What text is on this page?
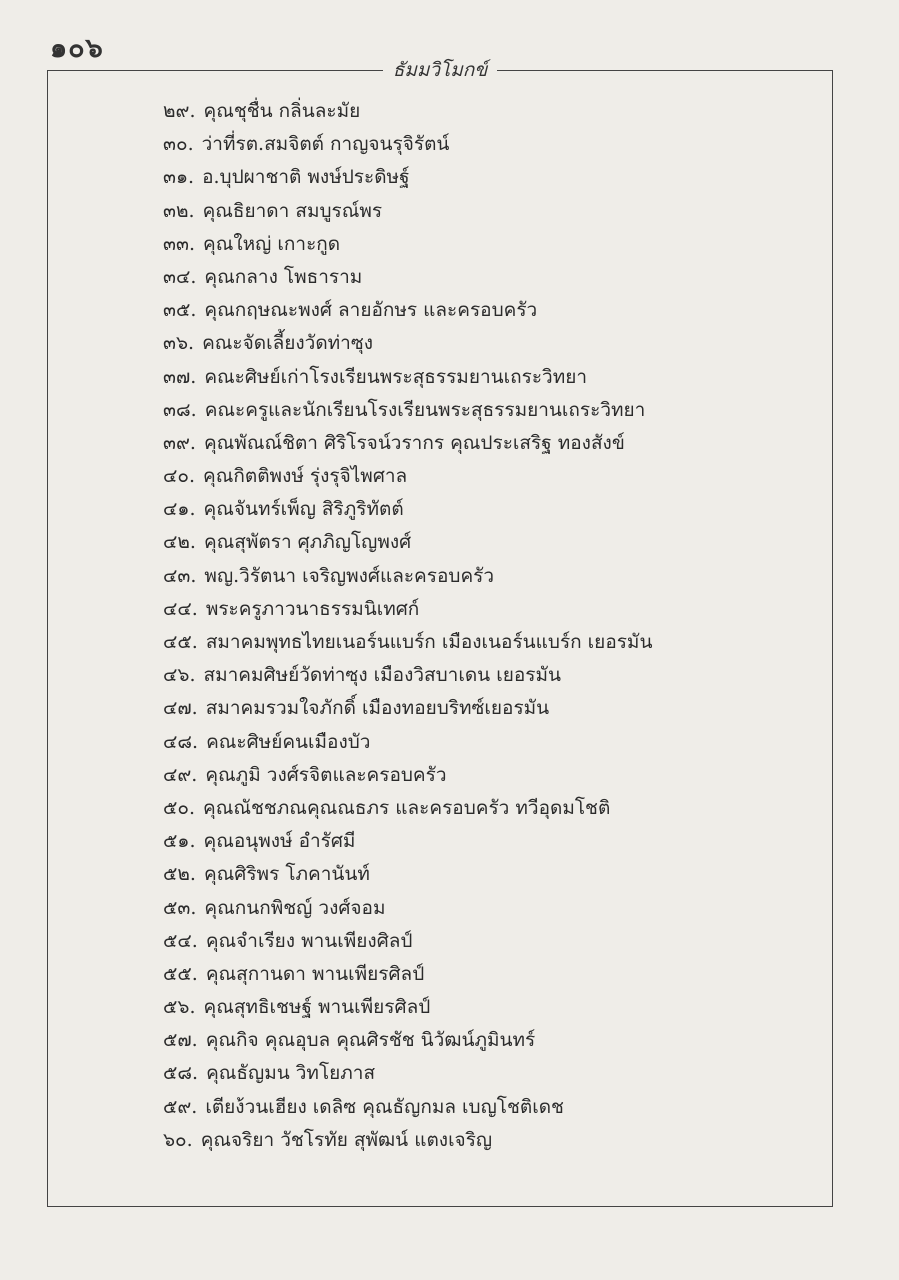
๑๐๖
ธัมมวิโมกข์
๒๙. คุณชุชื่น กลิ่นละมัย
๓๐. ว่าที่รต.สมจิตต์ กาญจนรุจิรัตน์
๓๑. อ.บุปผาชาติ พงษ์ประดิษฐ์
๓๒. คุณธิยาดา สมบูรณ์พร
๓๓. คุณใหญ่ เกาะกูด
๓๔. คุณกลาง โพธาราม
๓๕. คุณกฤษณะพงศ์ ลายอักษร และครอบครัว
๓๖. คณะจัดเลี้ยงวัดท่าซุง
๓๗. คณะศิษย์เก่าโรงเรียนพระสุธรรมยานเถระวิทยา
๓๘. คณะครูและนักเรียนโรงเรียนพระสุธรรมยานเถระวิทยา
๓๙. คุณพัณณ์ชิตา ศิริโรจน์วรากร คุณประเสริฐ ทองสังข์
๔๐. คุณกิตติพงษ์ รุ่งรุจิไพศาล
๔๑. คุณจันทร์เพ็ญ สิริภูริทัตต์
๔๒. คุณสุพัตรา ศุภภิญโญพงศ์
๔๓. พญ.วิรัตนา เจริญพงศ์และครอบครัว
๔๔. พระครูภาวนาธรรมนิเทศก์
๔๕. สมาคมพุทธไทยเนอร์นแบร์ก เมืองเนอร์นแบร์ก เยอรมัน
๔๖. สมาคมศิษย์วัดท่าซุง เมืองวิสบาเดน เยอรมัน
๔๗. สมาคมรวมใจภักดิ์ เมืองทอยบริทซ์เยอรมัน
๔๘. คณะศิษย์คนเมืองบัว
๔๙. คุณภูมิ วงศ์รจิตและครอบครัว
๕๐. คุณณัชชภณคุณณธภร และครอบครัว ทวีอุดมโชติ
๕๑. คุณอนุพงษ์ อำรัศมี
๕๒. คุณศิริพร โภคานันท์
๕๓. คุณกนกพิชญ์ วงศ์จอม
๕๔. คุณจำเรียง พานเพียงศิลป์
๕๕. คุณสุกานดา พานเพียรศิลป์
๕๖. คุณสุทธิเชษฐ์ พานเพียรศิลป์
๕๗. คุณกิจ คุณอุบล คุณศิรชัช นิวัฒน์ภูมินทร์
๕๘. คุณธัญมน วิทโยภาส
๕๙. เตียง้วนเฮียง เดลิซ คุณธัญกมล เบญโชติเดช
๖๐. คุณจริยา วัชโรทัย สุพัฒน์ แตงเจริญ
